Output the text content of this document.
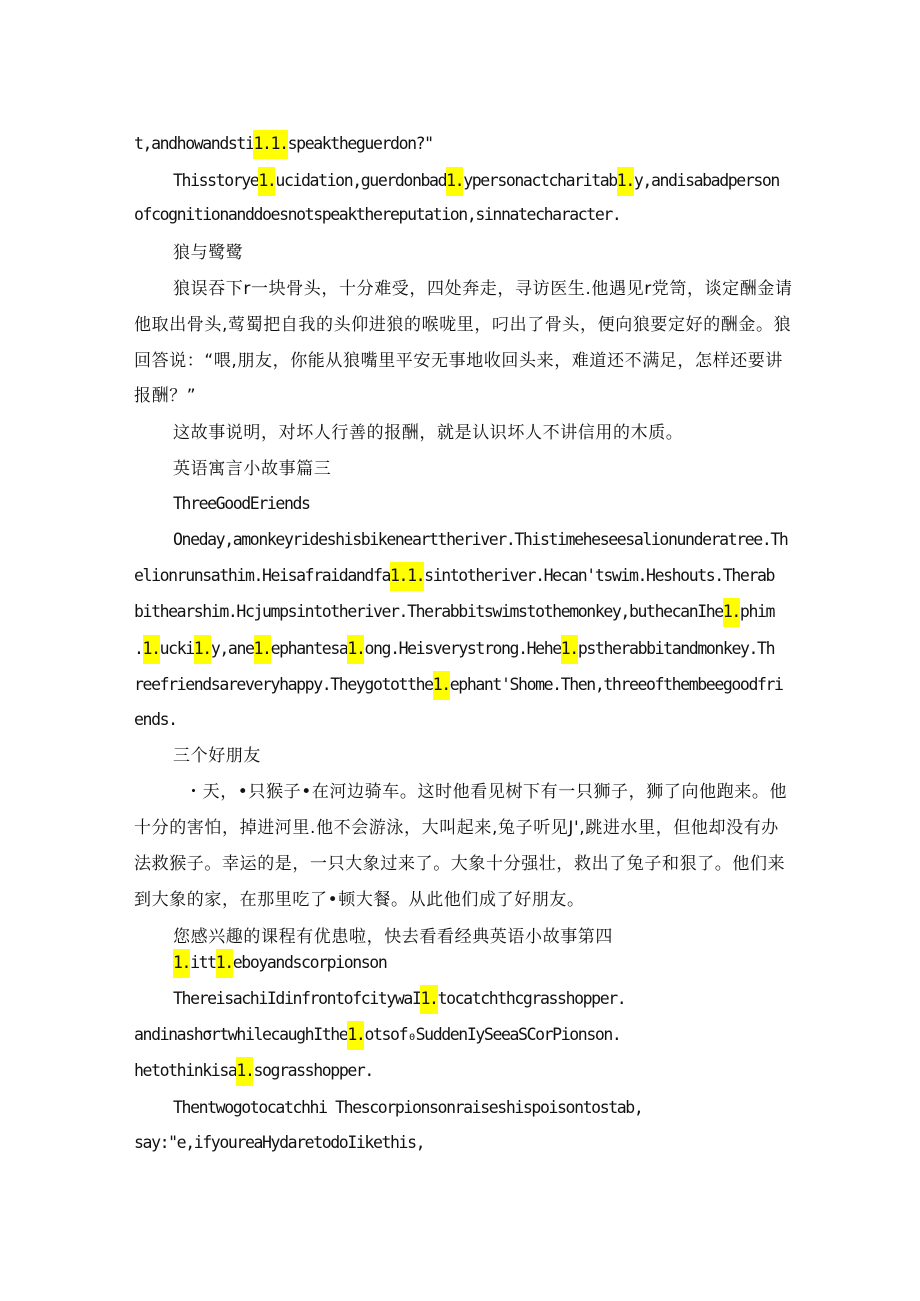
t,andhowandsti1.1.speaktheguerdon?"
Thisstorye1.ucidation,guerdonbad1.ypersonactcharitab1.y,andisabadperson
ofcognitionanddoesnotspeakthereputation,sinnatecharacter.
狼与鹭鹭
狼误吞下r一块骨头，十分难受，四处奔走，寻访医生.他遇见r党笥，谈定酬金请
他取出骨头,莺蜀把自我的头仰进狼的喉咙里，叼出了骨头，便向狼要定好的酬金。狼
回答说：“喂,朋友，你能从狼嘴里平安无事地收回头来，难道还不满足，怎样还要讲
报酬？”
这故事说明，对坏人行善的报酬，就是认识坏人不讲信用的木质。
英语寓言小故事篇三
ThreeGoodEriends
Oneday,amonkeyrideshisbikenearttheriver.Thistimeheseesalionunderatree.Th
elionrunsathim.Heisafraidandfa1.1.sintotheriver.Hecan'tswim.Heshouts.Therab
bithearshim.Hcjumpsintotheriver.Therabbitswimstothemonkey,buthecanIhe1.phim
.1.ucki1.y,ane1.ephantesa1.ong.Heisverystrong.Hehe1.pstherabbitandmonkey.Th
reefriendsareveryhappy.Theygototthe1.ephant'Shome.Then,threeofthembeegoodfri
ends.
三个好朋友
・天，•只猴子•在河边骑车。这时他看见树下有一只狮子，狮了向他跑来。他
十分的害怕，掉进河里.他不会游泳，大叫起来,兔子听见J',跳进水里，但他却没有办
法救猴子。幸运的是，一只大象过来了。大象十分强壮，救出了兔子和狠了。他们来
到大象的家，在那里吃了•顿大餐。从此他们成了好朋友。
您感兴趣的课程有优患啦，快去看看经典英语小故事第四
1.itt1.eboyandscorpionson
TherеisachiIdinfrontofcitywaI1.tocatchthcgrasshopper.
andinashσrtwhilecaughIthe1.otsof₀SuddenIySeeaSCorPionson.
hetothinkisa1.sograsshopper.
Thentwogotocatchhi Thescorpionsonraiseshispoisontostab,
say:"e,ifyoureaHydaretodoIikethis,
